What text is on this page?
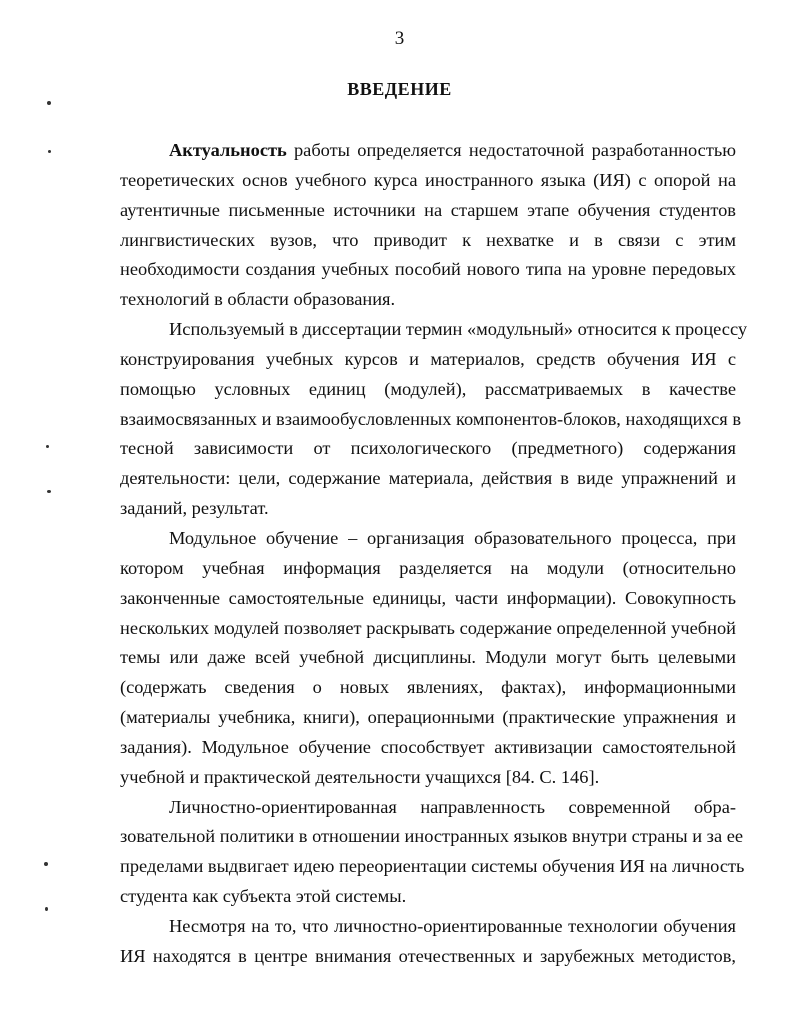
3
ВВЕДЕНИЕ
Актуальность работы определяется недостаточной разработанностью
теоретических основ учебного курса иностранного языка (ИЯ) с опорой на
аутентичные письменные источники на старшем этапе обучения студентов
лингвистических вузов, что приводит к нехватке и в связи с этим
необходимости создания учебных пособий нового типа на уровне передовых
технологий в области образования.
Используемый в диссертации термин «модульный» относится к процессу
конструирования учебных курсов и материалов, средств обучения ИЯ с
помощью условных единиц (модулей), рассматриваемых в качестве
взаимосвязанных и взаимообусловленных компонентов-блоков, находящихся в
тесной зависимости от психологического (предметного) содержания
деятельности: цели, содержание материала, действия в виде упражнений и
заданий, результат.
Модульное обучение – организация образовательного процесса, при
котором учебная информация разделяется на модули (относительно
законченные самостоятельные единицы, части информации). Совокупность
нескольких модулей позволяет раскрывать содержание определенной учебной
темы или даже всей учебной дисциплины. Модули могут быть целевыми
(содержать сведения о новых явлениях, фактах), информационными
(материалы учебника, книги), операционными (практические упражнения и
задания). Модульное обучение способствует активизации самостоятельной
учебной и практической деятельности учащихся [84. С. 146].
Личностно-ориентированная направленность современной обра-
зовательной политики в отношении иностранных языков внутри страны и за ее
пределами выдвигает идею переориентации системы обучения ИЯ на личность
студента как субъекта этой системы.
Несмотря на то, что личностно-ориентированные технологии обучения
ИЯ находятся в центре внимания отечественных и зарубежных методистов,
